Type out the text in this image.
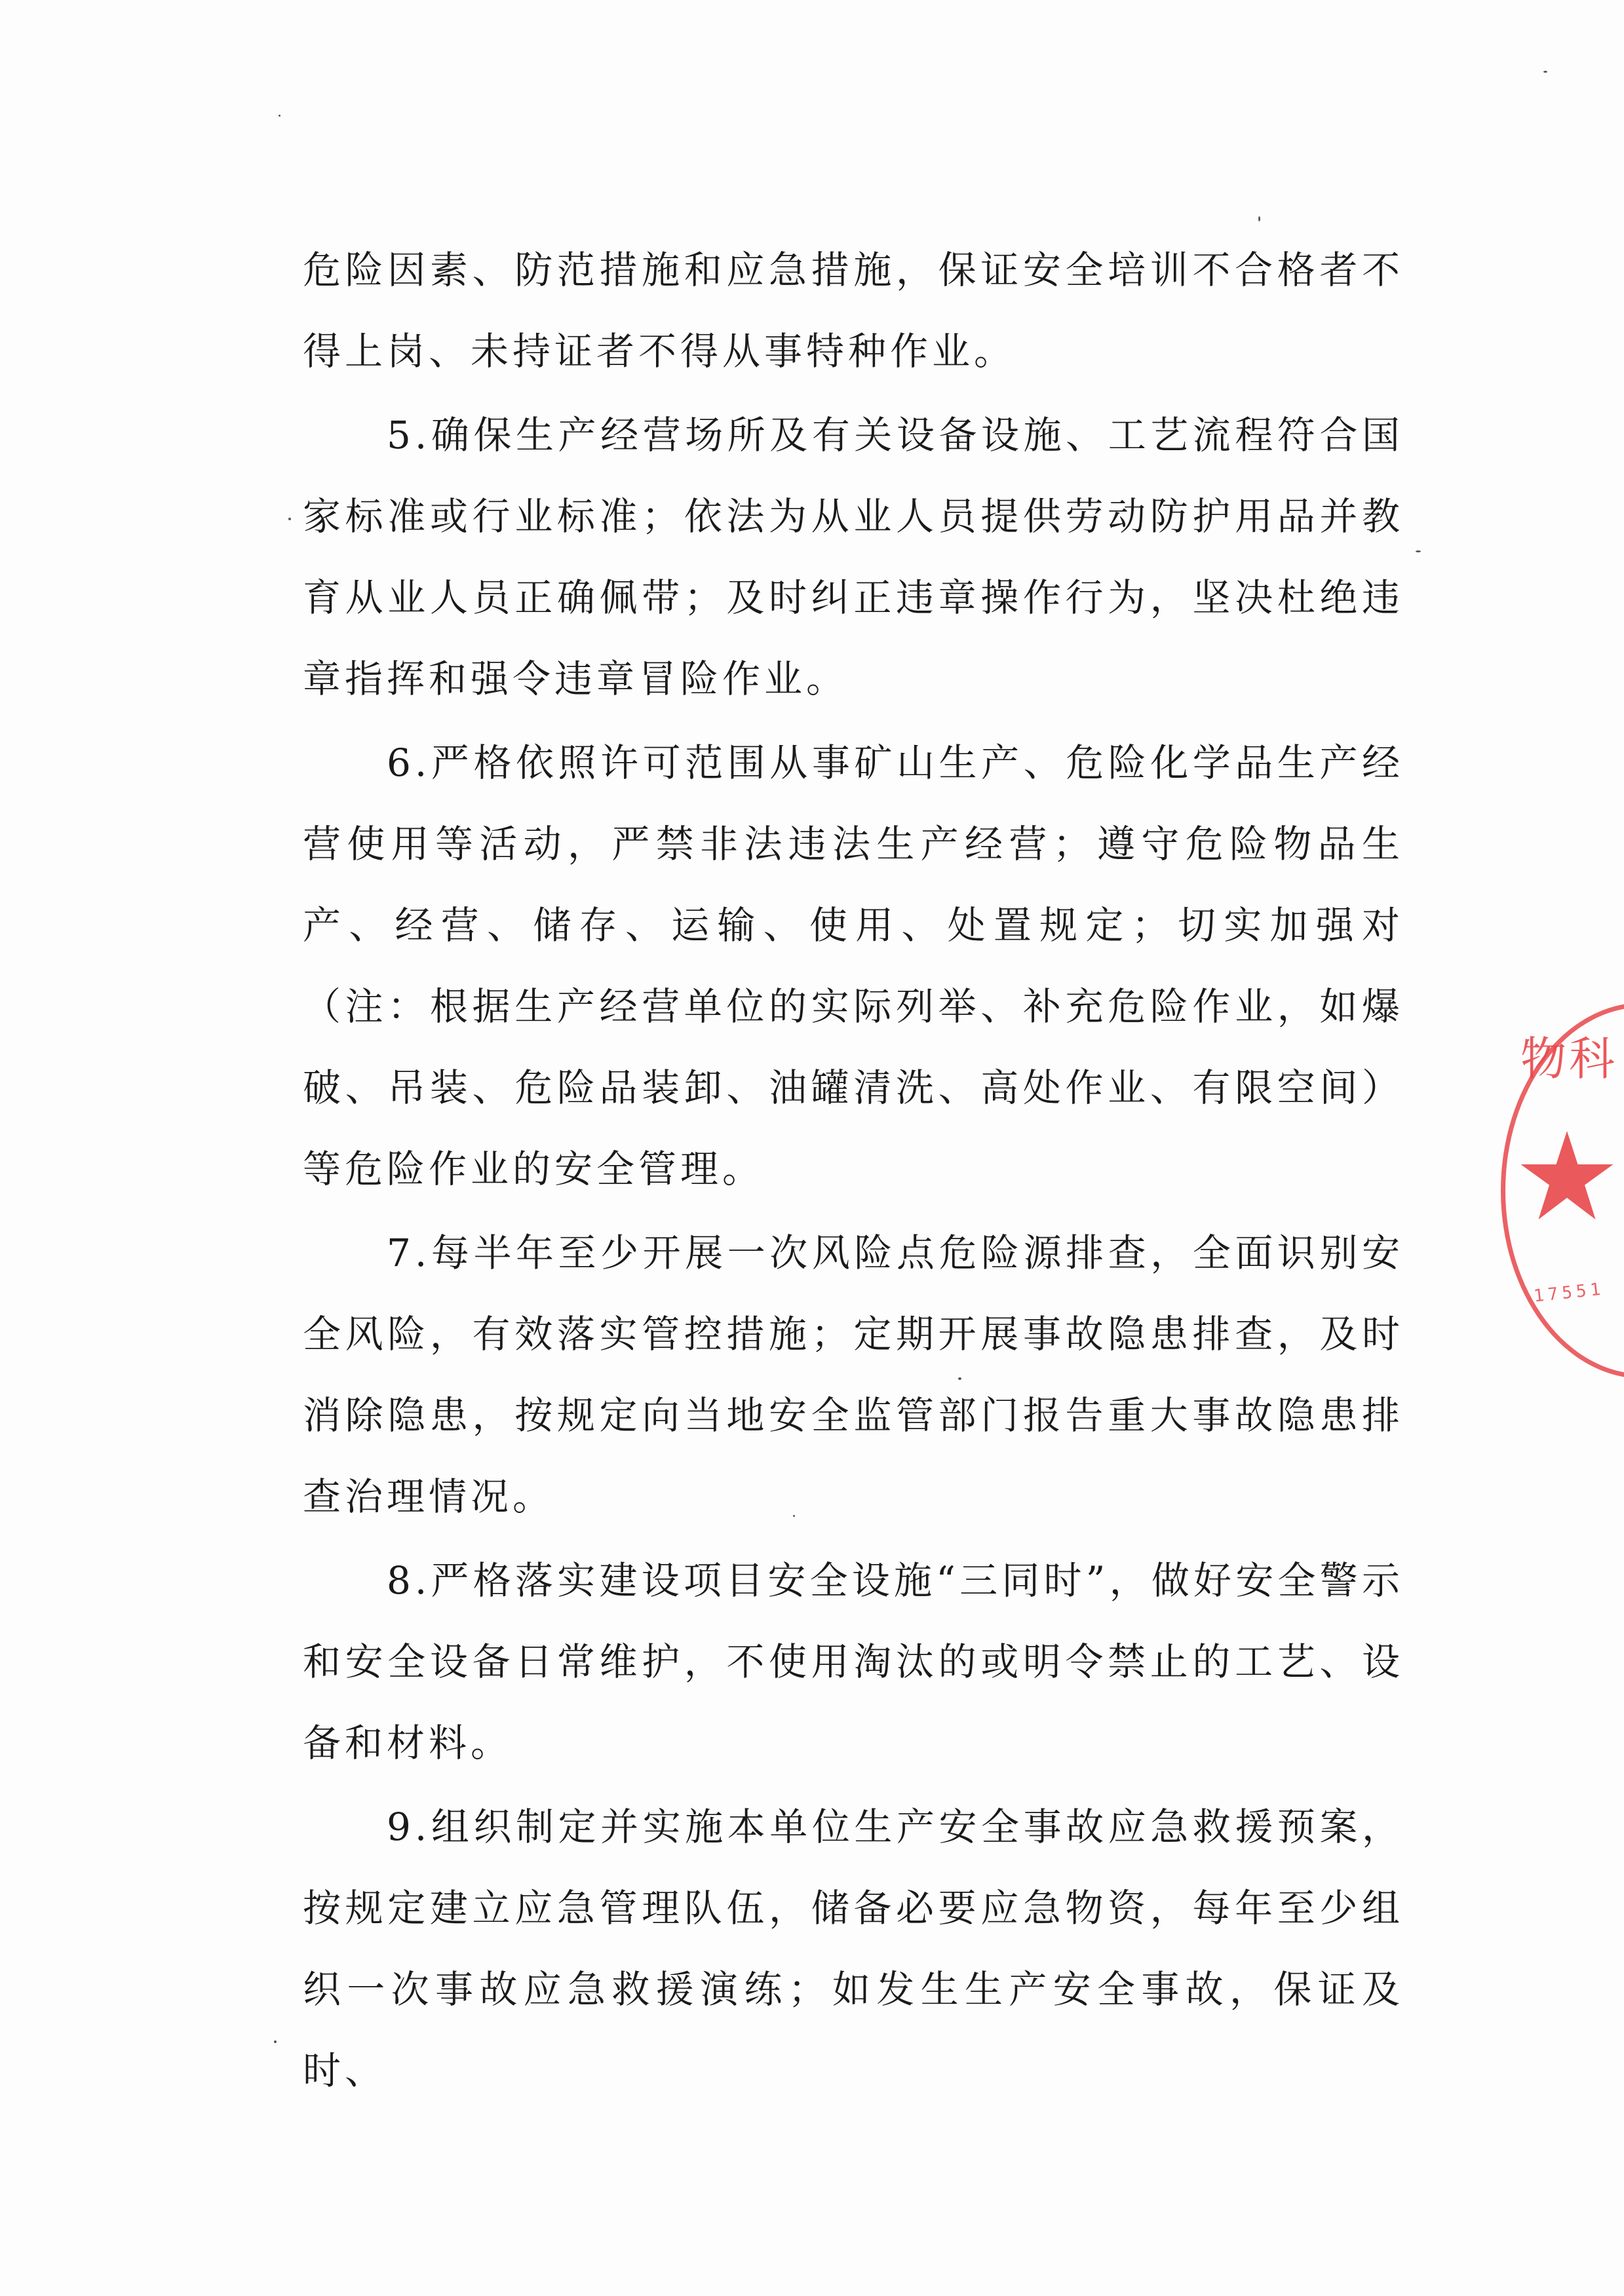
危险因素、防范措施和应急措施，保证安全培训不合格者不得上岗、未持证者不得从事特种作业。

5.确保生产经营场所及有关设备设施、工艺流程符合国家标准或行业标准；依法为从业人员提供劳动防护用品并教育从业人员正确佩带；及时纠正违章操作行为，坚决杜绝违章指挥和强令违章冒险作业。

6.严格依照许可范围从事矿山生产、危险化学品生产经营使用等活动，严禁非法违法生产经营；遵守危险物品生产、经营、储存、运输、使用、处置规定；切实加强对（注：根据生产经营单位的实际列举、补充危险作业，如爆破、吊装、危险品装卸、油罐清洗、高处作业、有限空间）等危险作业的安全管理。

7.每半年至少开展一次风险点危险源排查，全面识别安全风险，有效落实管控措施；定期开展事故隐患排查，及时消除隐患，按规定向当地安全监管部门报告重大事故隐患排查治理情况。

8.严格落实建设项目安全设施“三同时”，做好安全警示和安全设备日常维护，不使用淘汰的或明令禁止的工艺、设备和材料。

9.组织制定并实施本单位生产安全事故应急救援预案，按规定建立应急管理队伍，储备必要应急物资，每年至少组织一次事故应急救援演练；如发生生产安全事故，保证及时、

物科
17551
